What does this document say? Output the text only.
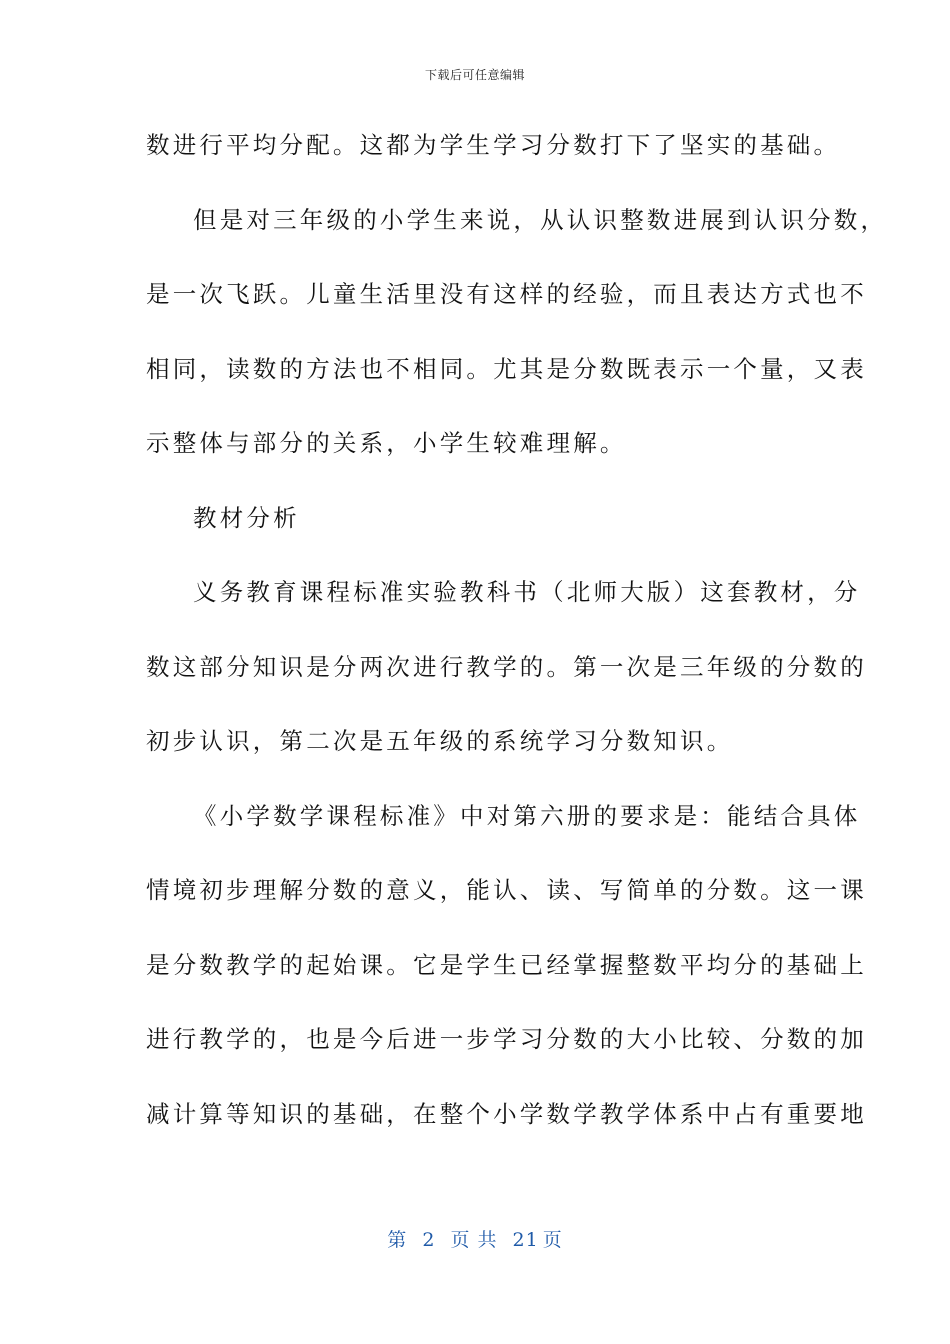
下载后可任意编辑
数进行平均分配。这都为学生学习分数打下了坚实的基础。
但是对三年级的小学生来说，从认识整数进展到认识分数，
是一次飞跃。儿童生活里没有这样的经验，而且表达方式也不
相同，读数的方法也不相同。尤其是分数既表示一个量，又表
示整体与部分的关系，小学生较难理解。
教材分析
义务教育课程标准实验教科书（北师大版）这套教材，分
数这部分知识是分两次进行教学的。第一次是三年级的分数的
初步认识，第二次是五年级的系统学习分数知识。
《小学数学课程标准》中对第六册的要求是：能结合具体
情境初步理解分数的意义，能认、读、写简单的分数。这一课
是分数教学的起始课。它是学生已经掌握整数平均分的基础上
进行教学的，也是今后进一步学习分数的大小比较、分数的加
减计算等知识的基础，在整个小学数学教学体系中占有重要地
第 2 页 共 21 页
